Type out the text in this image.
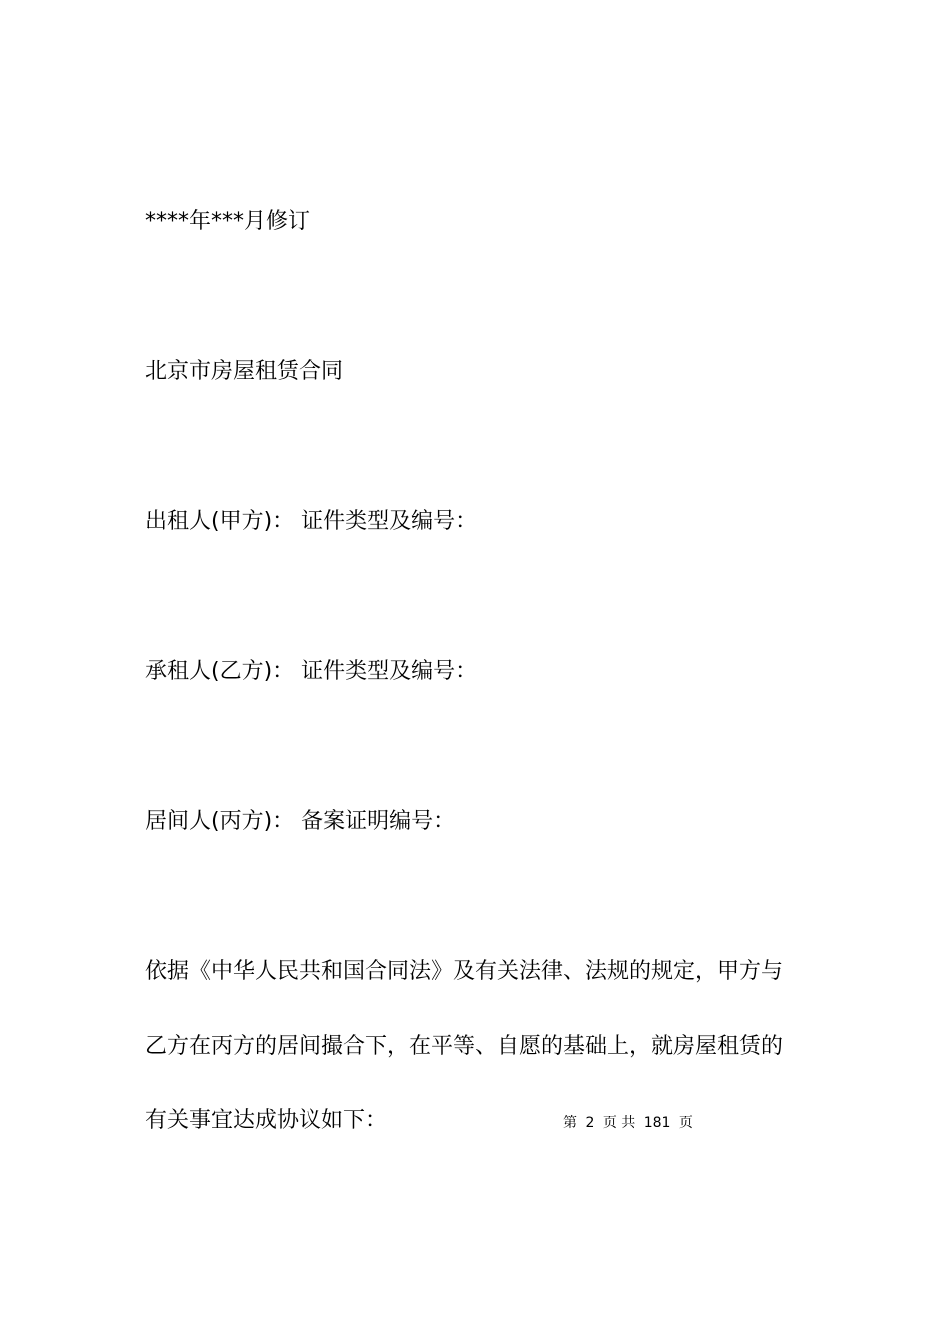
****年***月修订
北京市房屋租赁合同
出租人(甲方)： 证件类型及编号：
承租人(乙方)： 证件类型及编号：
居间人(丙方)： 备案证明编号：
依据《中华人民共和国合同法》及有关法律、法规的规定，甲方与
乙方在丙方的居间撮合下，在平等、自愿的基础上，就房屋租赁的
有关事宜达成协议如下：	第 2 页 共 181 页
